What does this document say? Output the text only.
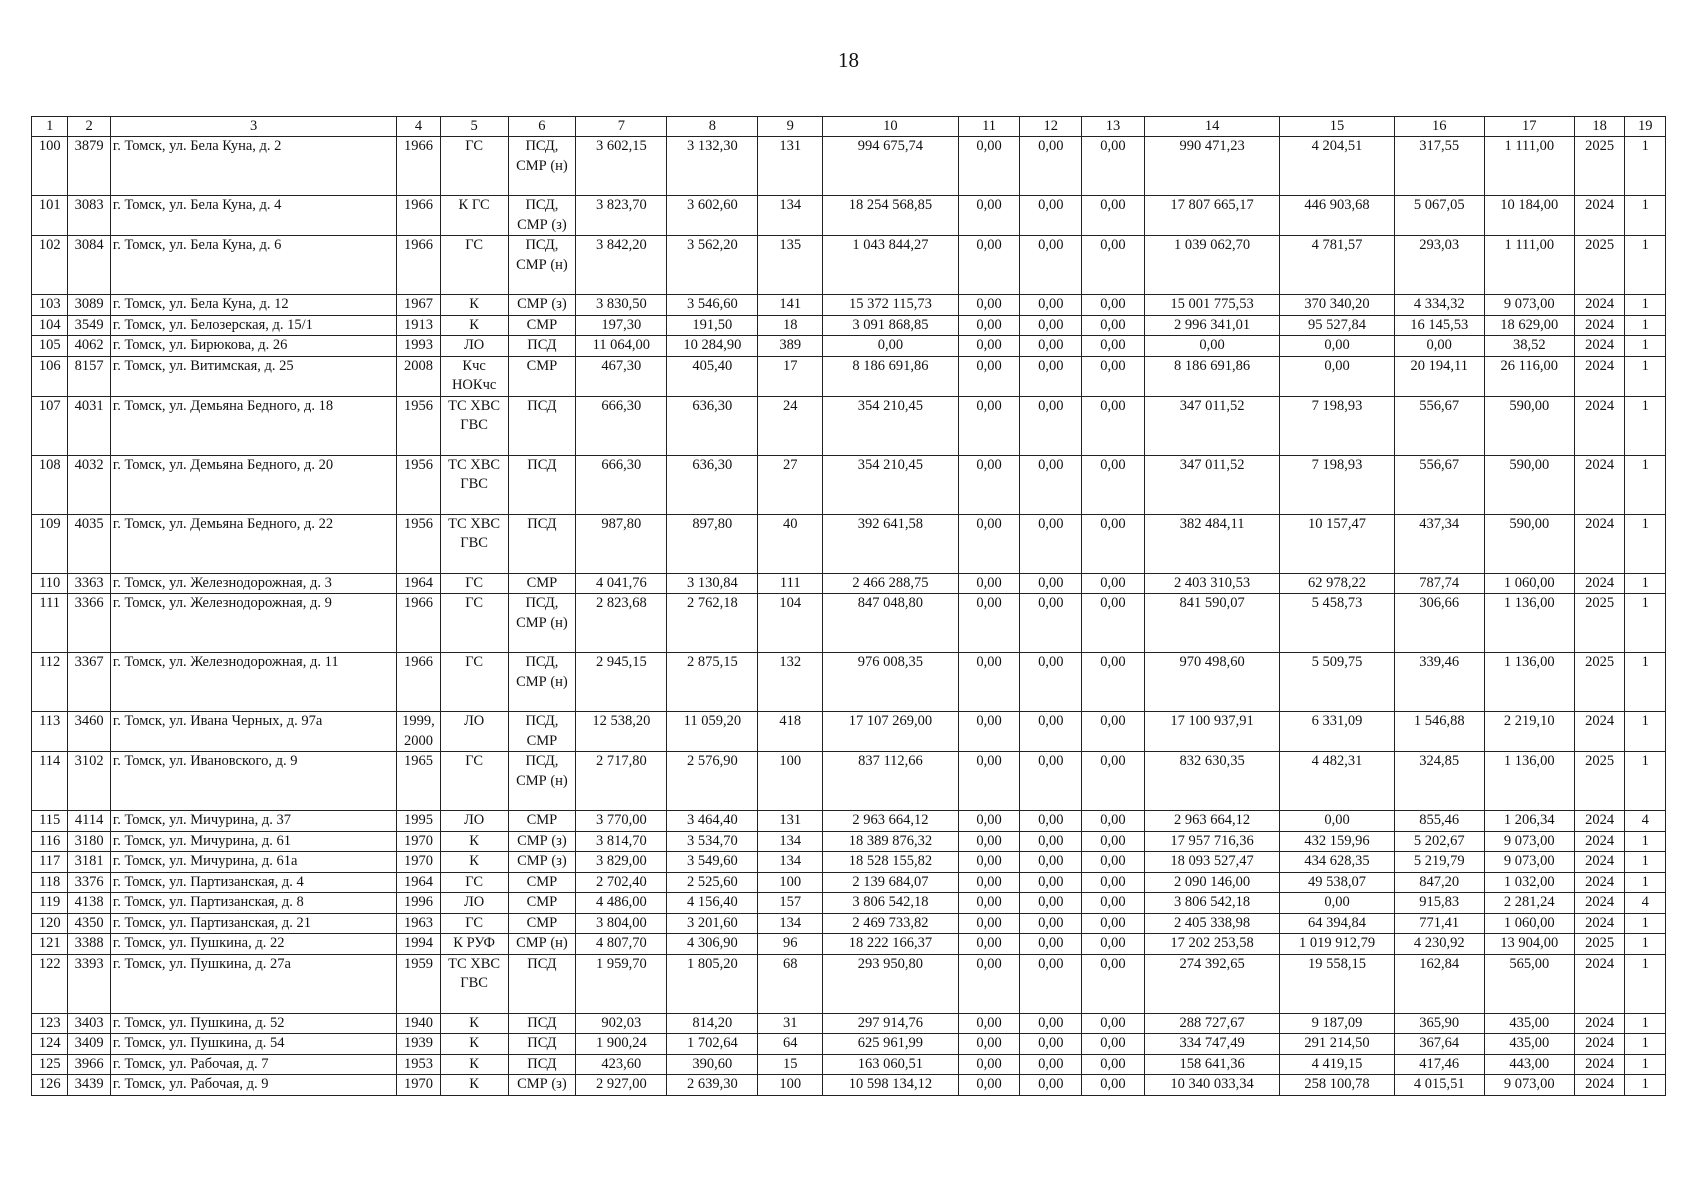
18
1	2	3	4	5	6	7	8	9	10	11	12	13	14	15	16	17	18	19
100	3879	г. Томск, ул. Бела Куна, д. 2	1966	ГС	ПСД, СМР (н)	3 602,15	3 132,30	131	994 675,74	0,00	0,00	0,00	990 471,23	4 204,51	317,55	1 111,00	2025	1
101	3083	г. Томск, ул. Бела Куна, д. 4	1966	К ГС	ПСД, СМР (з)	3 823,70	3 602,60	134	18 254 568,85	0,00	0,00	0,00	17 807 665,17	446 903,68	5 067,05	10 184,00	2024	1
102	3084	г. Томск, ул. Бела Куна, д. 6	1966	ГС	ПСД, СМР (н)	3 842,20	3 562,20	135	1 043 844,27	0,00	0,00	0,00	1 039 062,70	4 781,57	293,03	1 111,00	2025	1
103	3089	г. Томск, ул. Бела Куна, д. 12	1967	К	СМР (з)	3 830,50	3 546,60	141	15 372 115,73	0,00	0,00	0,00	15 001 775,53	370 340,20	4 334,32	9 073,00	2024	1
104	3549	г. Томск, ул. Белозерская, д. 15/1	1913	К	СМР	197,30	191,50	18	3 091 868,85	0,00	0,00	0,00	2 996 341,01	95 527,84	16 145,53	18 629,00	2024	1
105	4062	г. Томск, ул. Бирюкова, д. 26	1993	ЛО	ПСД	11 064,00	10 284,90	389	0,00	0,00	0,00	0,00	0,00	0,00	0,00	38,52	2024	1
106	8157	г. Томск, ул. Витимская, д. 25	2008	Кчс НОКчс	СМР	467,30	405,40	17	8 186 691,86	0,00	0,00	0,00	8 186 691,86	0,00	20 194,11	26 116,00	2024	1
107	4031	г. Томск, ул. Демьяна Бедного, д. 18	1956	ТС ХВС ГВС	ПСД	666,30	636,30	24	354 210,45	0,00	0,00	0,00	347 011,52	7 198,93	556,67	590,00	2024	1
108	4032	г. Томск, ул. Демьяна Бедного, д. 20	1956	ТС ХВС ГВС	ПСД	666,30	636,30	27	354 210,45	0,00	0,00	0,00	347 011,52	7 198,93	556,67	590,00	2024	1
109	4035	г. Томск, ул. Демьяна Бедного, д. 22	1956	ТС ХВС ГВС	ПСД	987,80	897,80	40	392 641,58	0,00	0,00	0,00	382 484,11	10 157,47	437,34	590,00	2024	1
110	3363	г. Томск, ул. Железнодорожная, д. 3	1964	ГС	СМР	4 041,76	3 130,84	111	2 466 288,75	0,00	0,00	0,00	2 403 310,53	62 978,22	787,74	1 060,00	2024	1
111	3366	г. Томск, ул. Железнодорожная, д. 9	1966	ГС	ПСД, СМР (н)	2 823,68	2 762,18	104	847 048,80	0,00	0,00	0,00	841 590,07	5 458,73	306,66	1 136,00	2025	1
112	3367	г. Томск, ул. Железнодорожная, д. 11	1966	ГС	ПСД, СМР (н)	2 945,15	2 875,15	132	976 008,35	0,00	0,00	0,00	970 498,60	5 509,75	339,46	1 136,00	2025	1
113	3460	г. Томск, ул. Ивана Черных, д. 97а	1999, 2000	ЛО	ПСД, СМР	12 538,20	11 059,20	418	17 107 269,00	0,00	0,00	0,00	17 100 937,91	6 331,09	1 546,88	2 219,10	2024	1
114	3102	г. Томск, ул. Ивановского, д. 9	1965	ГС	ПСД, СМР (н)	2 717,80	2 576,90	100	837 112,66	0,00	0,00	0,00	832 630,35	4 482,31	324,85	1 136,00	2025	1
115	4114	г. Томск, ул. Мичурина, д. 37	1995	ЛО	СМР	3 770,00	3 464,40	131	2 963 664,12	0,00	0,00	0,00	2 963 664,12	0,00	855,46	1 206,34	2024	4
116	3180	г. Томск, ул. Мичурина, д. 61	1970	К	СМР (з)	3 814,70	3 534,70	134	18 389 876,32	0,00	0,00	0,00	17 957 716,36	432 159,96	5 202,67	9 073,00	2024	1
117	3181	г. Томск, ул. Мичурина, д. 61а	1970	К	СМР (з)	3 829,00	3 549,60	134	18 528 155,82	0,00	0,00	0,00	18 093 527,47	434 628,35	5 219,79	9 073,00	2024	1
118	3376	г. Томск, ул. Партизанская, д. 4	1964	ГС	СМР	2 702,40	2 525,60	100	2 139 684,07	0,00	0,00	0,00	2 090 146,00	49 538,07	847,20	1 032,00	2024	1
119	4138	г. Томск, ул. Партизанская, д. 8	1996	ЛО	СМР	4 486,00	4 156,40	157	3 806 542,18	0,00	0,00	0,00	3 806 542,18	0,00	915,83	2 281,24	2024	4
120	4350	г. Томск, ул. Партизанская, д. 21	1963	ГС	СМР	3 804,00	3 201,60	134	2 469 733,82	0,00	0,00	0,00	2 405 338,98	64 394,84	771,41	1 060,00	2024	1
121	3388	г. Томск, ул. Пушкина, д. 22	1994	К РУФ	СМР (н)	4 807,70	4 306,90	96	18 222 166,37	0,00	0,00	0,00	17 202 253,58	1 019 912,79	4 230,92	13 904,00	2025	1
122	3393	г. Томск, ул. Пушкина, д. 27а	1959	ТС ХВС ГВС	ПСД	1 959,70	1 805,20	68	293 950,80	0,00	0,00	0,00	274 392,65	19 558,15	162,84	565,00	2024	1
123	3403	г. Томск, ул. Пушкина, д. 52	1940	К	ПСД	902,03	814,20	31	297 914,76	0,00	0,00	0,00	288 727,67	9 187,09	365,90	435,00	2024	1
124	3409	г. Томск, ул. Пушкина, д. 54	1939	К	ПСД	1 900,24	1 702,64	64	625 961,99	0,00	0,00	0,00	334 747,49	291 214,50	367,64	435,00	2024	1
125	3966	г. Томск, ул. Рабочая, д. 7	1953	К	ПСД	423,60	390,60	15	163 060,51	0,00	0,00	0,00	158 641,36	4 419,15	417,46	443,00	2024	1
126	3439	г. Томск, ул. Рабочая, д. 9	1970	К	СМР (з)	2 927,00	2 639,30	100	10 598 134,12	0,00	0,00	0,00	10 340 033,34	258 100,78	4 015,51	9 073,00	2024	1
